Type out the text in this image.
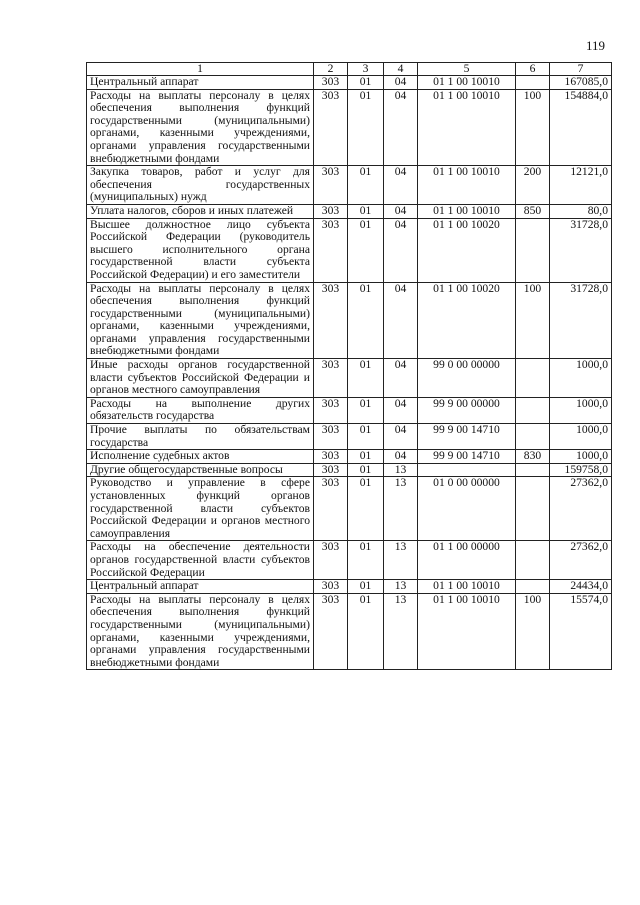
119
1	2	3	4	5	6	7
Центральный аппарат	303	01	04	01 1 00 10010		167085,0
Расходы на выплаты персоналу в целях обеспечения выполнения функций государственными (муниципальными) органами, казенными учреждениями, органами управления государственными внебюджетными фондами	303	01	04	01 1 00 10010	100	154884,0
Закупка товаров, работ и услуг для обеспечения государственных (муниципальных) нужд	303	01	04	01 1 00 10010	200	12121,0
Уплата налогов, сборов и иных платежей	303	01	04	01 1 00 10010	850	80,0
Высшее должностное лицо субъекта Российской Федерации (руководитель высшего исполнительного органа государственной власти субъекта Российской Федерации) и его заместители	303	01	04	01 1 00 10020		31728,0
Расходы на выплаты персоналу в целях обеспечения выполнения функций государственными (муниципальными) органами, казенными учреждениями, органами управления государственными внебюджетными фондами	303	01	04	01 1 00 10020	100	31728,0
Иные расходы органов государственной власти субъектов Российской Федерации и органов местного самоуправления	303	01	04	99 0 00 00000		1000,0
Расходы на выполнение других обязательств государства	303	01	04	99 9 00 00000		1000,0
Прочие выплаты по обязательствам государства	303	01	04	99 9 00 14710		1000,0
Исполнение судебных актов	303	01	04	99 9 00 14710	830	1000,0
Другие общегосударственные вопросы	303	01	13			159758,0
Руководство и управление в сфере установленных функций органов государственной власти субъектов Российской Федерации и органов местного самоуправления	303	01	13	01 0 00 00000		27362,0
Расходы на обеспечение деятельности органов государственной власти субъектов Российской Федерации	303	01	13	01 1 00 00000		27362,0
Центральный аппарат	303	01	13	01 1 00 10010		24434,0
Расходы на выплаты персоналу в целях обеспечения выполнения функций государственными (муниципальными) органами, казенными учреждениями, органами управления государственными внебюджетными фондами	303	01	13	01 1 00 10010	100	15574,0
